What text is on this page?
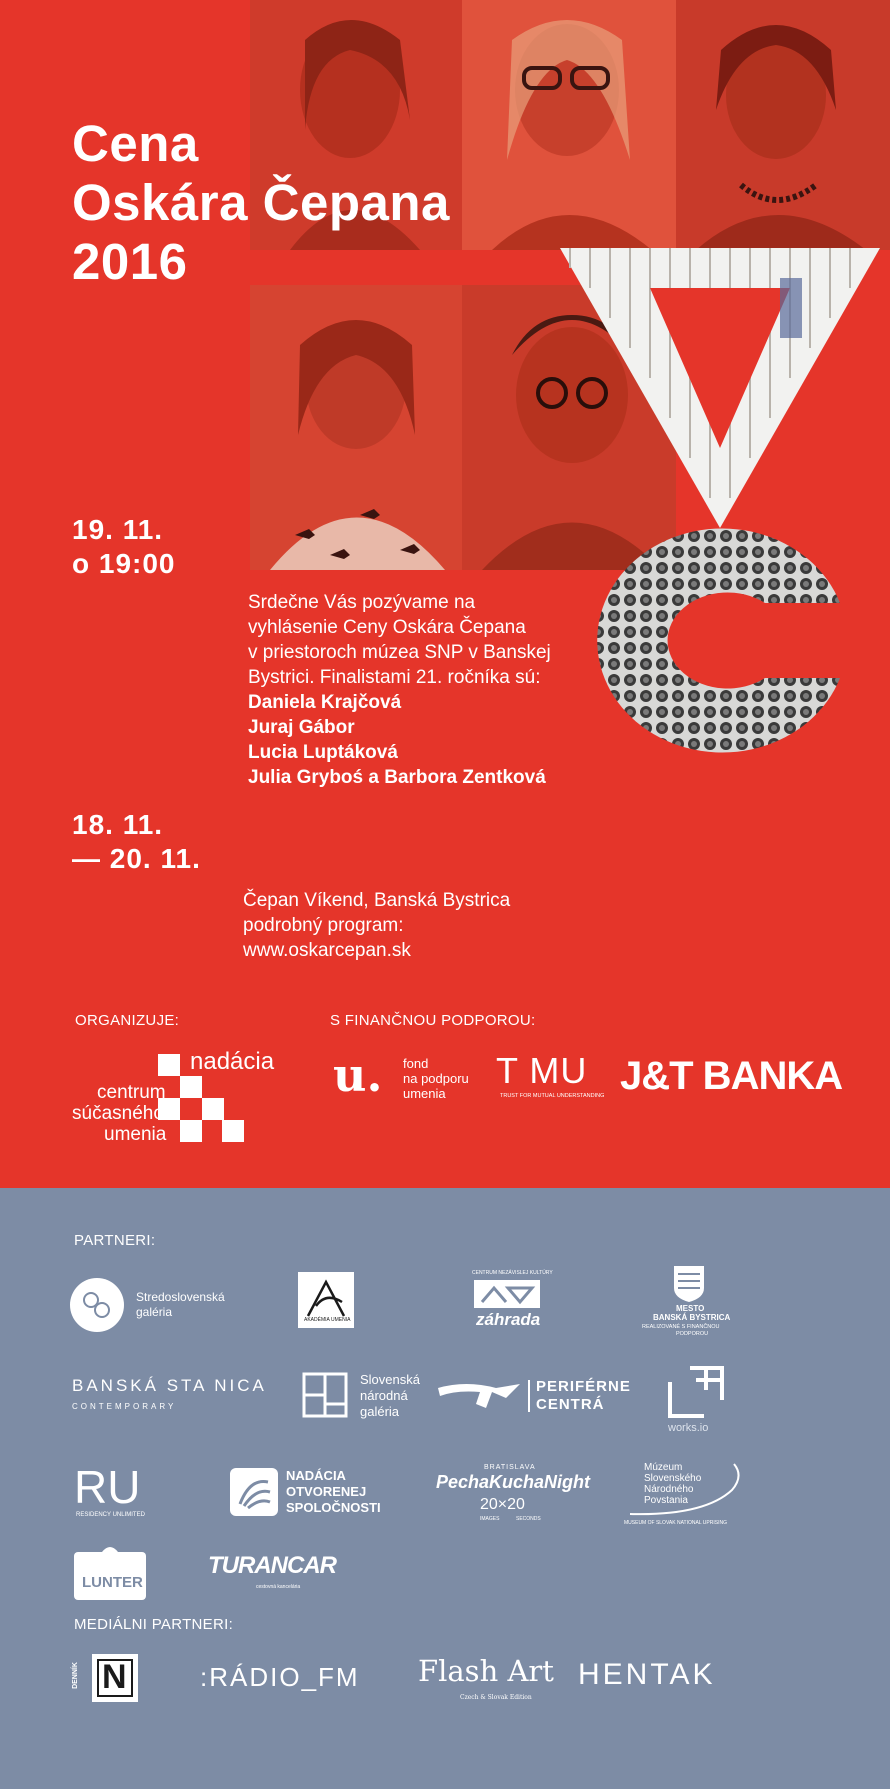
Cena
Oskára Čepana
2016
19. 11.
o 19:00
Srdečne Vás pozývame na
vyhlásenie Ceny Oskára Čepana
v priestoroch múzea SNP v Banskej
Bystrici. Finalistami 21. ročníka sú:
Daniela Krajčová
Juraj Gábor
Lucia Luptáková
Julia Gryboś a Barbora Zentková
18. 11.
— 20. 11.
Čepan Víkend, Banská Bystrica
podrobný program:
www.oskarcepan.sk
ORGANIZUJE:
nadácia
centrum
súčasného
umenia
S FINANČNOU PODPOROU:
u. fond
na podporu
umenia
T MU
TRUST FOR MUTUAL UNDERSTANDING J&T BANKA
PARTNERI:
Stredoslovenská
galéria
AKADÉMIA UMENIA
CENTRUM NEZÁVISLEJ KULTÚRY
záhrada
MESTO
BANSKÁ BYSTRICA
REALIZOVANÉ S FINANČNOU
PODPOROU
BANSKÁ STA NICA
CONTEMPORARY
Slovenská
národná
galéria
PERIFÉRNE
CENTRÁ
works.io
RU
RESIDENCY UNLIMITED
NADÁCIA
OTVORENEJ
SPOLOČNOSTI
BRATISLAVA
PechaKuchaNight
20×20
IMAGES	SECONDS
Múzeum
Slovenského
Národného
Povstania
MUSEUM OF SLOVAK NATIONAL UPRISING
LUNTER
TURANCAR
cestovná kancelária
MEDIÁLNI PARTNERI:
DENNÍK N	:RÁDIO_FM Flash Art
Czech & Slovak Edition
HENTAK
